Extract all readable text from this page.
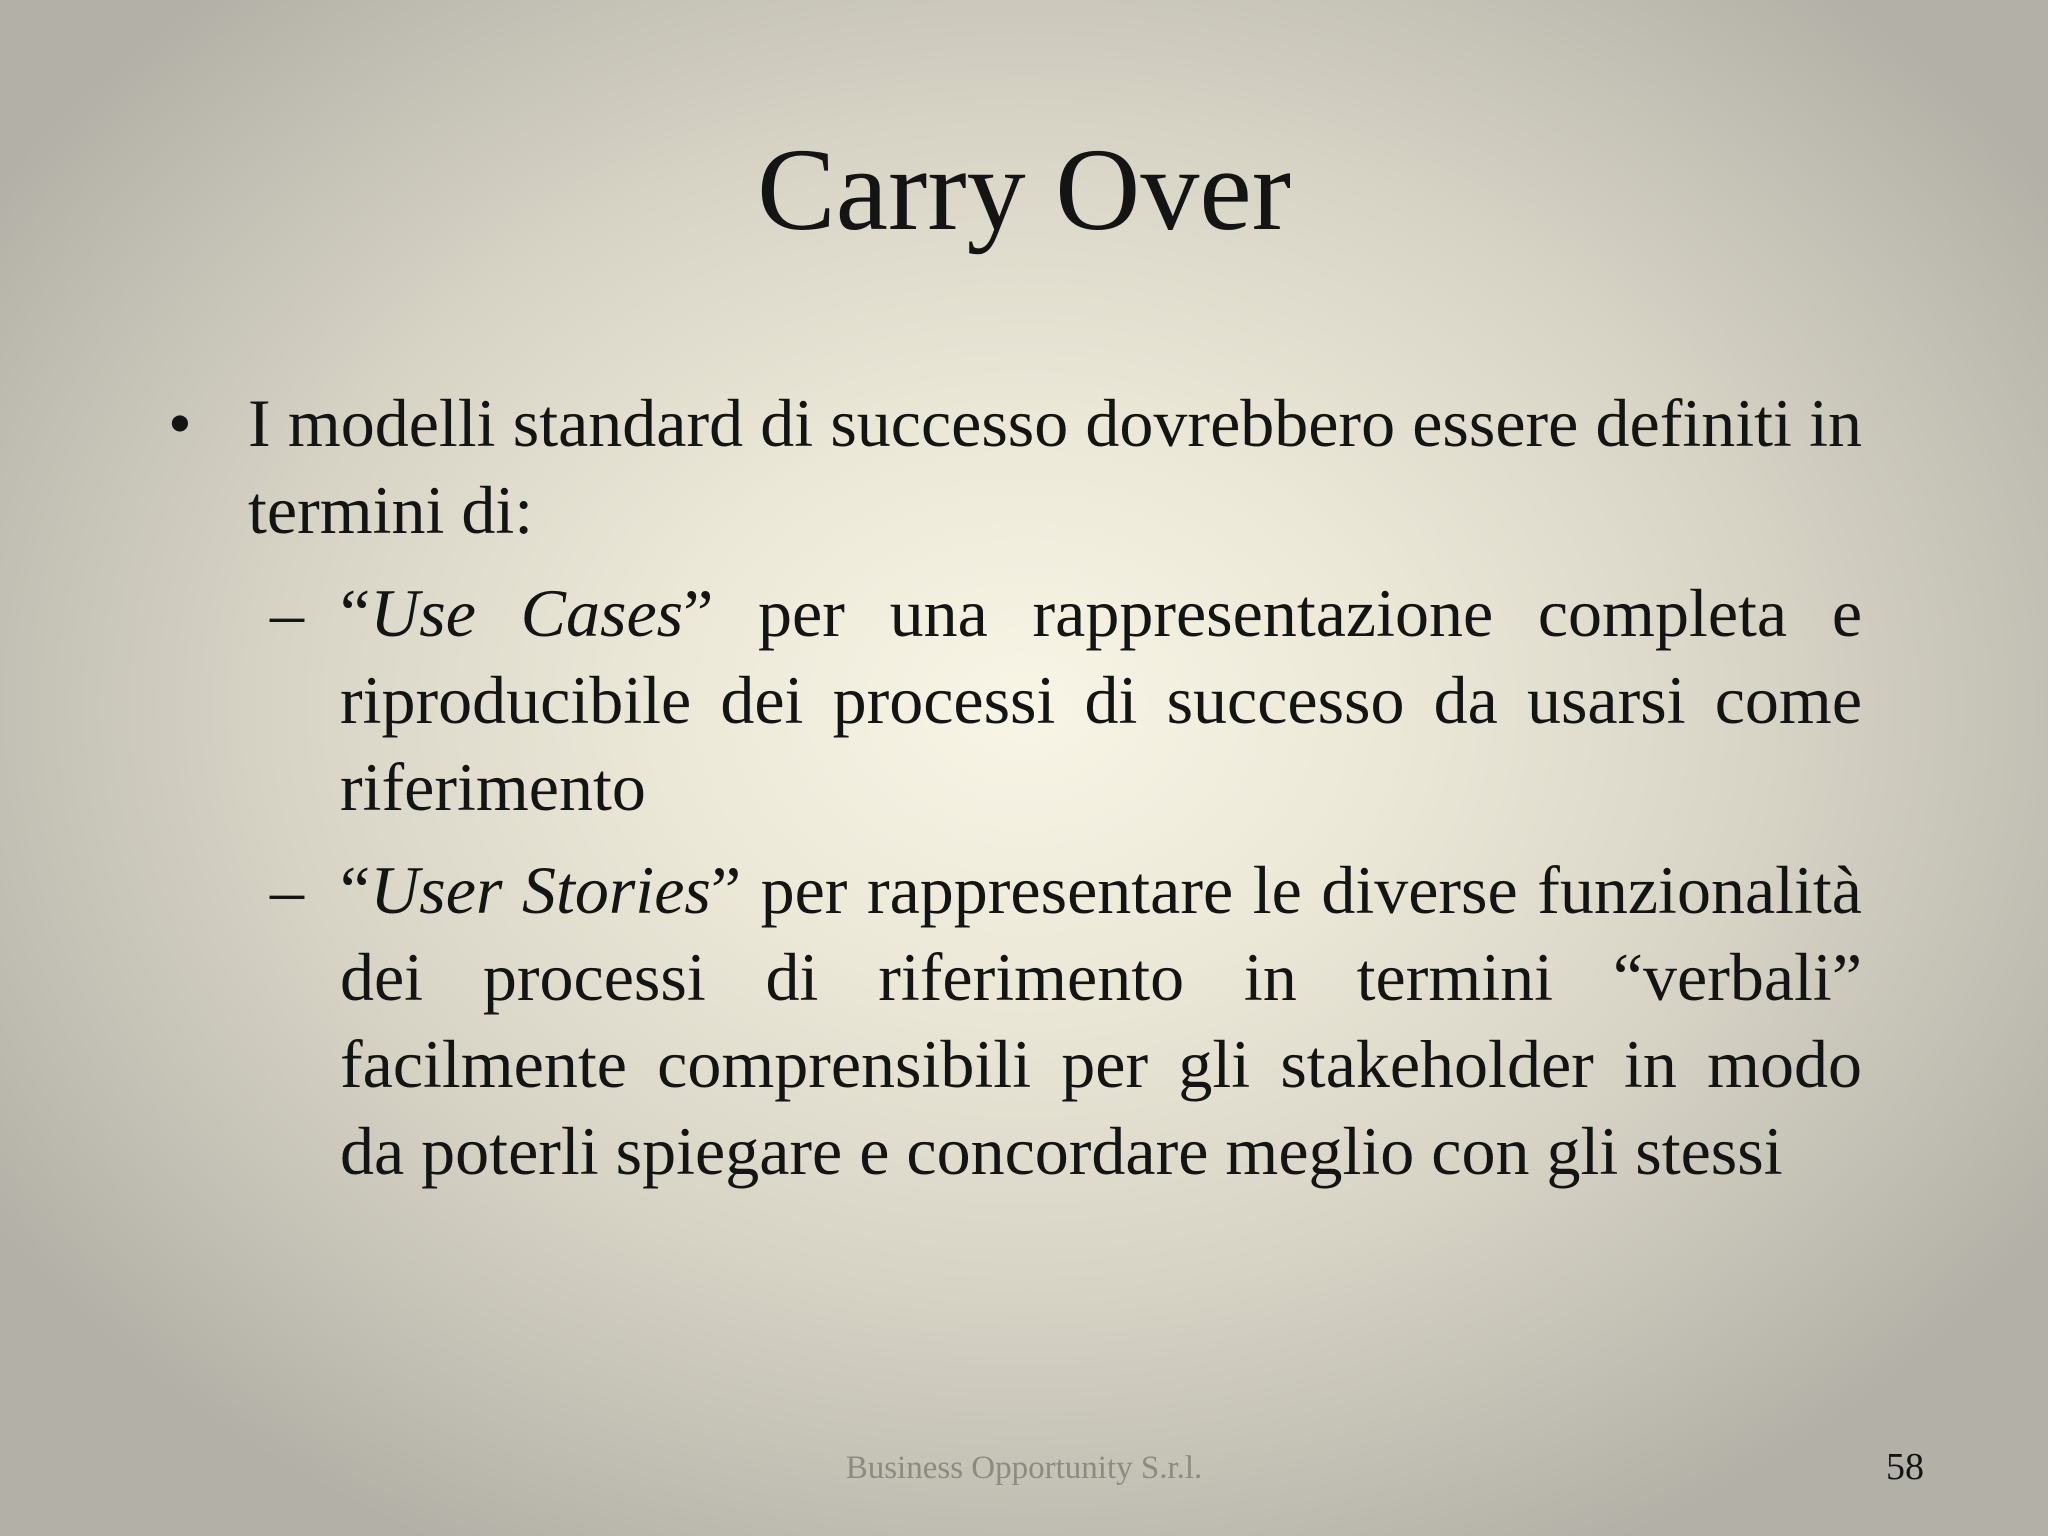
Carry Over
• I modelli standard di successo dovrebbero essere definiti in termini di:
– “Use Cases” per una rappresentazione completa e riproducibile dei processi di successo da usarsi come riferimento
– “User Stories” per rappresentare le diverse funzionalità dei processi di riferimento in termini “verbali” facilmente comprensibili per gli stakeholder in modo da poterli spiegare e concordare meglio con gli stessi
Business Opportunity S.r.l.	58
